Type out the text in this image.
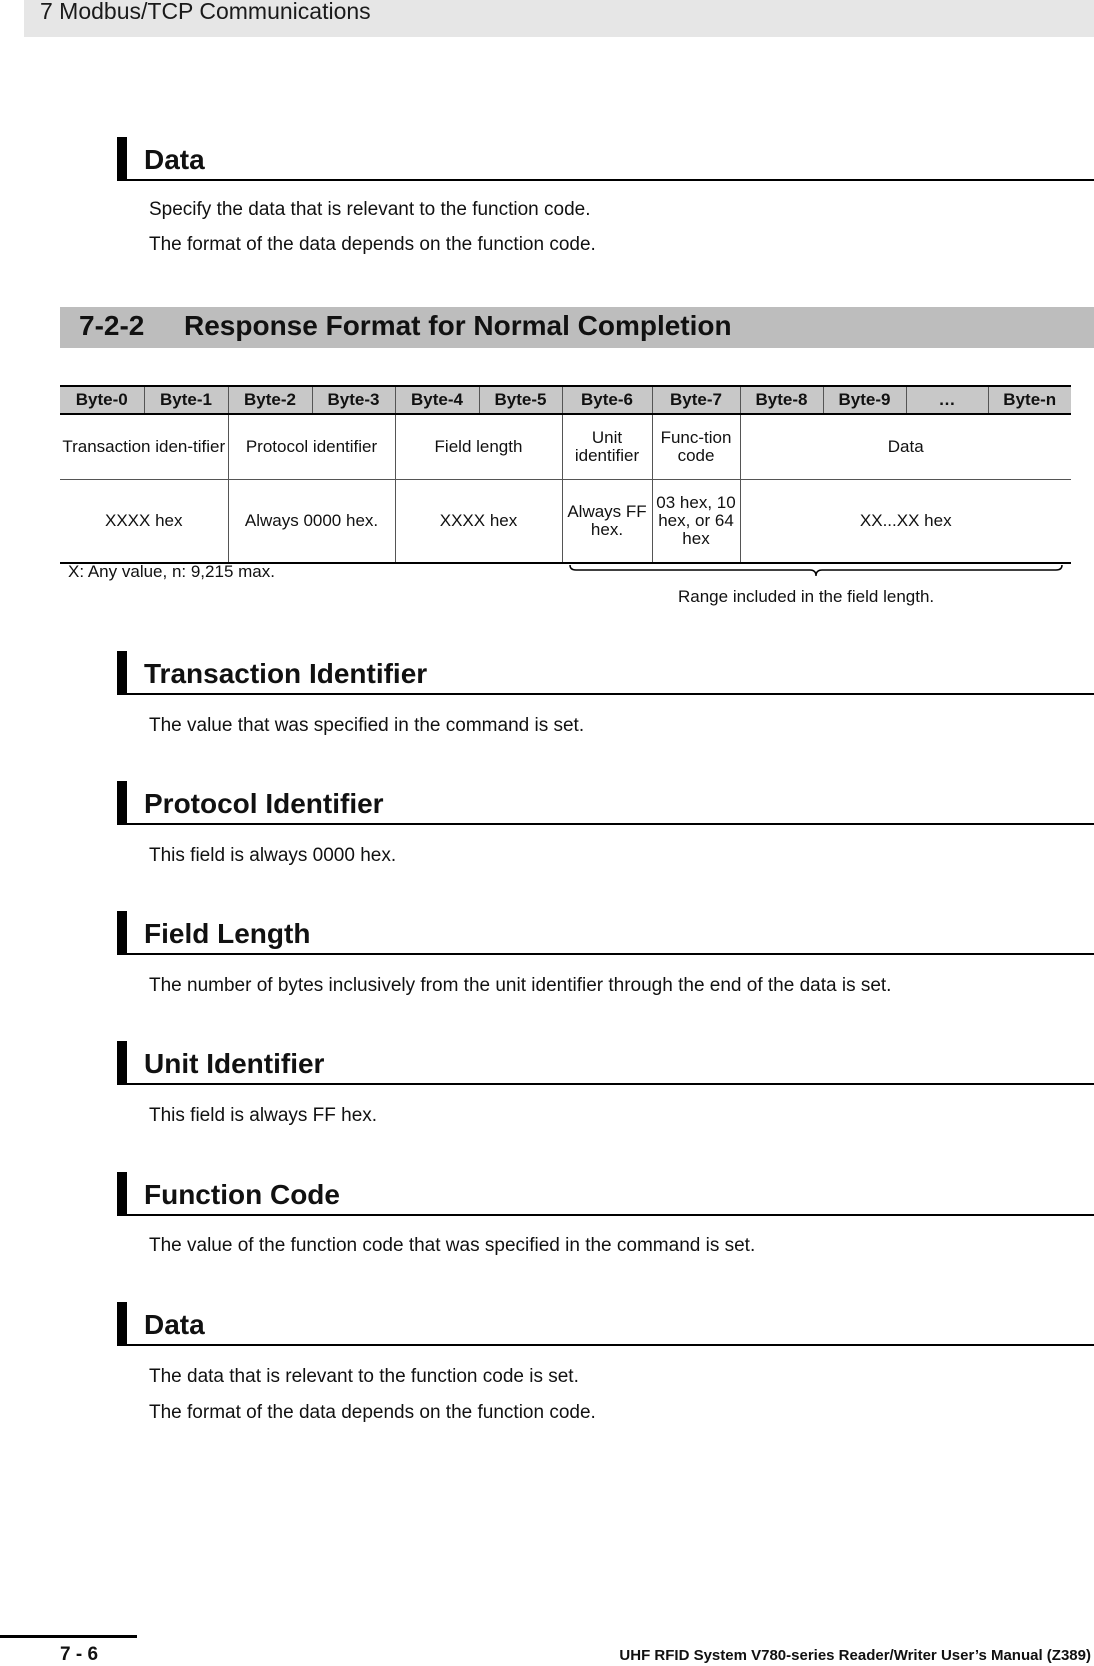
7 Modbus/TCP Communications
Data
Specify the data that is relevant to the function code.
The format of the data depends on the function code.
7-2-2 Response Format for Normal Completion
Byte-0	Byte-1	Byte-2	Byte-3	Byte-4	Byte-5	Byte-6	Byte-7	Byte-8	Byte-9	…	Byte-n
Transaction iden-tifier		Protocol identifier		Field length		Unit identifier	Func-tion code	Data			
XXXX hex		Always 0000 hex.		XXXX hex		Always FF hex.	03 hex, 10 hex, or 64 hex	XX...XX hex			
X: Any value, n: 9,215 max.
Range included in the field length.
Transaction Identifier
The value that was specified in the command is set.
Protocol Identifier
This field is always 0000 hex.
Field Length
The number of bytes inclusively from the unit identifier through the end of the data is set.
Unit Identifier
This field is always FF hex.
Function Code
The value of the function code that was specified in the command is set.
Data
The data that is relevant to the function code is set.
The format of the data depends on the function code.
7 - 6	UHF RFID System V780-series Reader/Writer User’s Manual (Z389)
